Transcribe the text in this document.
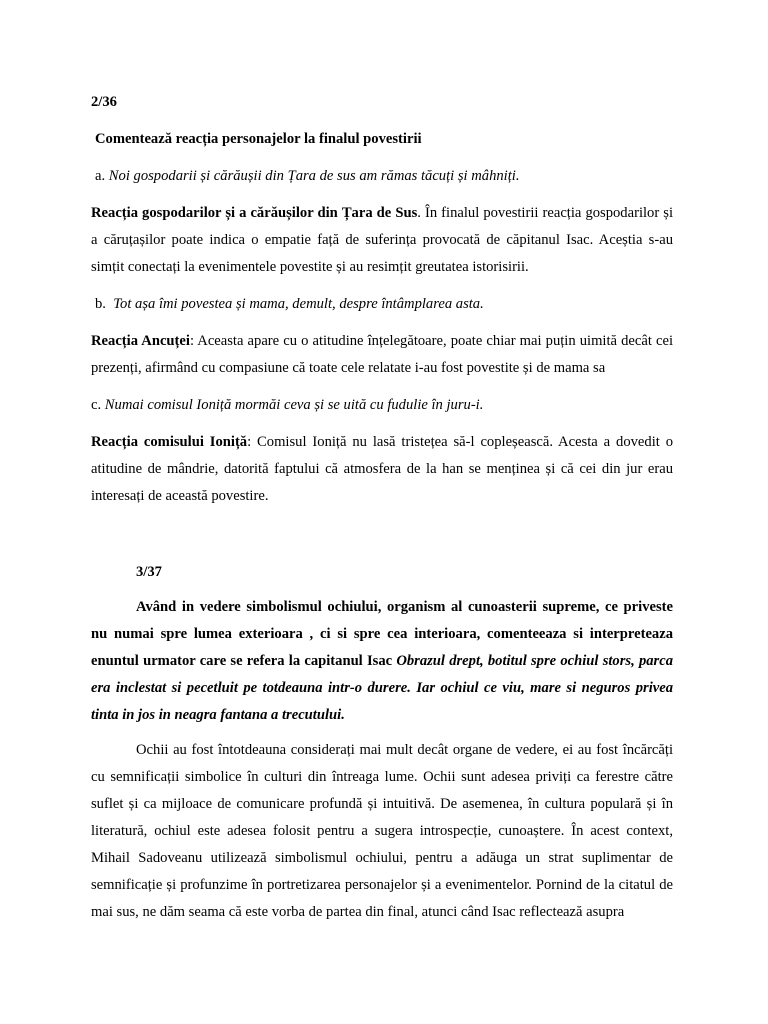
2/36
Comentează reacția personajelor la finalul povestirii
a. Noi gospodarii și cărăușii din Țara de sus am rămas tăcuți și mâhniți.

Reacția gospodarilor și a cărăușilor din Țara de Sus. În finalul povestirii reacția gospodarilor și a căruțașilor poate indica o empatie față de suferința provocată de căpitanul Isac. Aceștia s-au simțit conectați la evenimentele povestite și au resimțit greutatea istorisirii.

b. Tot așa îmi povestea și mama, demult, despre întâmplarea asta.

Reacția Ancuței: Aceasta apare cu o atitudine înțelegătoare, poate chiar mai puțin uimită decât cei prezenți, afirmând cu compasiune că toate cele relatate i-au fost povestite și de mama sa

c. Numai comisul Ioniță mormăi ceva și se uită cu fudulie în juru-i.

Reacția comisului Ioniță: Comisul Ioniță nu lasă tristețea să-l copleșească. Acesta a dovedit o atitudine de mândrie, datorită faptului că atmosfera de la han se menținea și că cei din jur erau interesați de această povestire.

3/37

Având in vedere simbolismul ochiului, organism al cunoasterii supreme, ce priveste nu numai spre lumea exterioara , ci si spre cea interioara, comenteeaza si interpreteaza enuntul urmator care se refera la capitanul Isac Obrazul drept, botitul spre ochiul stors, parca era inclestat si pecetluit pe totdeauna intr-o durere. Iar ochiul ce viu, mare si neguros privea tinta in jos in neagra fantana a trecutului.

Ochii au fost întotdeauna considerați mai mult decât organe de vedere, ei au fost încărcăți cu semnificații simbolice în culturi din întreaga lume. Ochii sunt adesea priviți ca ferestre către suflet și ca mijloace de comunicare profundă și intuitivă. De asemenea, în cultura populară și în literatură, ochiul este adesea folosit pentru a sugera introspecție, cunoaștere. În acest context, Mihail Sadoveanu utilizează simbolismul ochiului, pentru a adăuga un strat suplimentar de semnificație și profunzime în portretizarea personajelor și a evenimentelor. Pornind de la citatul de mai sus, ne dăm seama că este vorba de partea din final, atunci când Isac reflectează asupra
